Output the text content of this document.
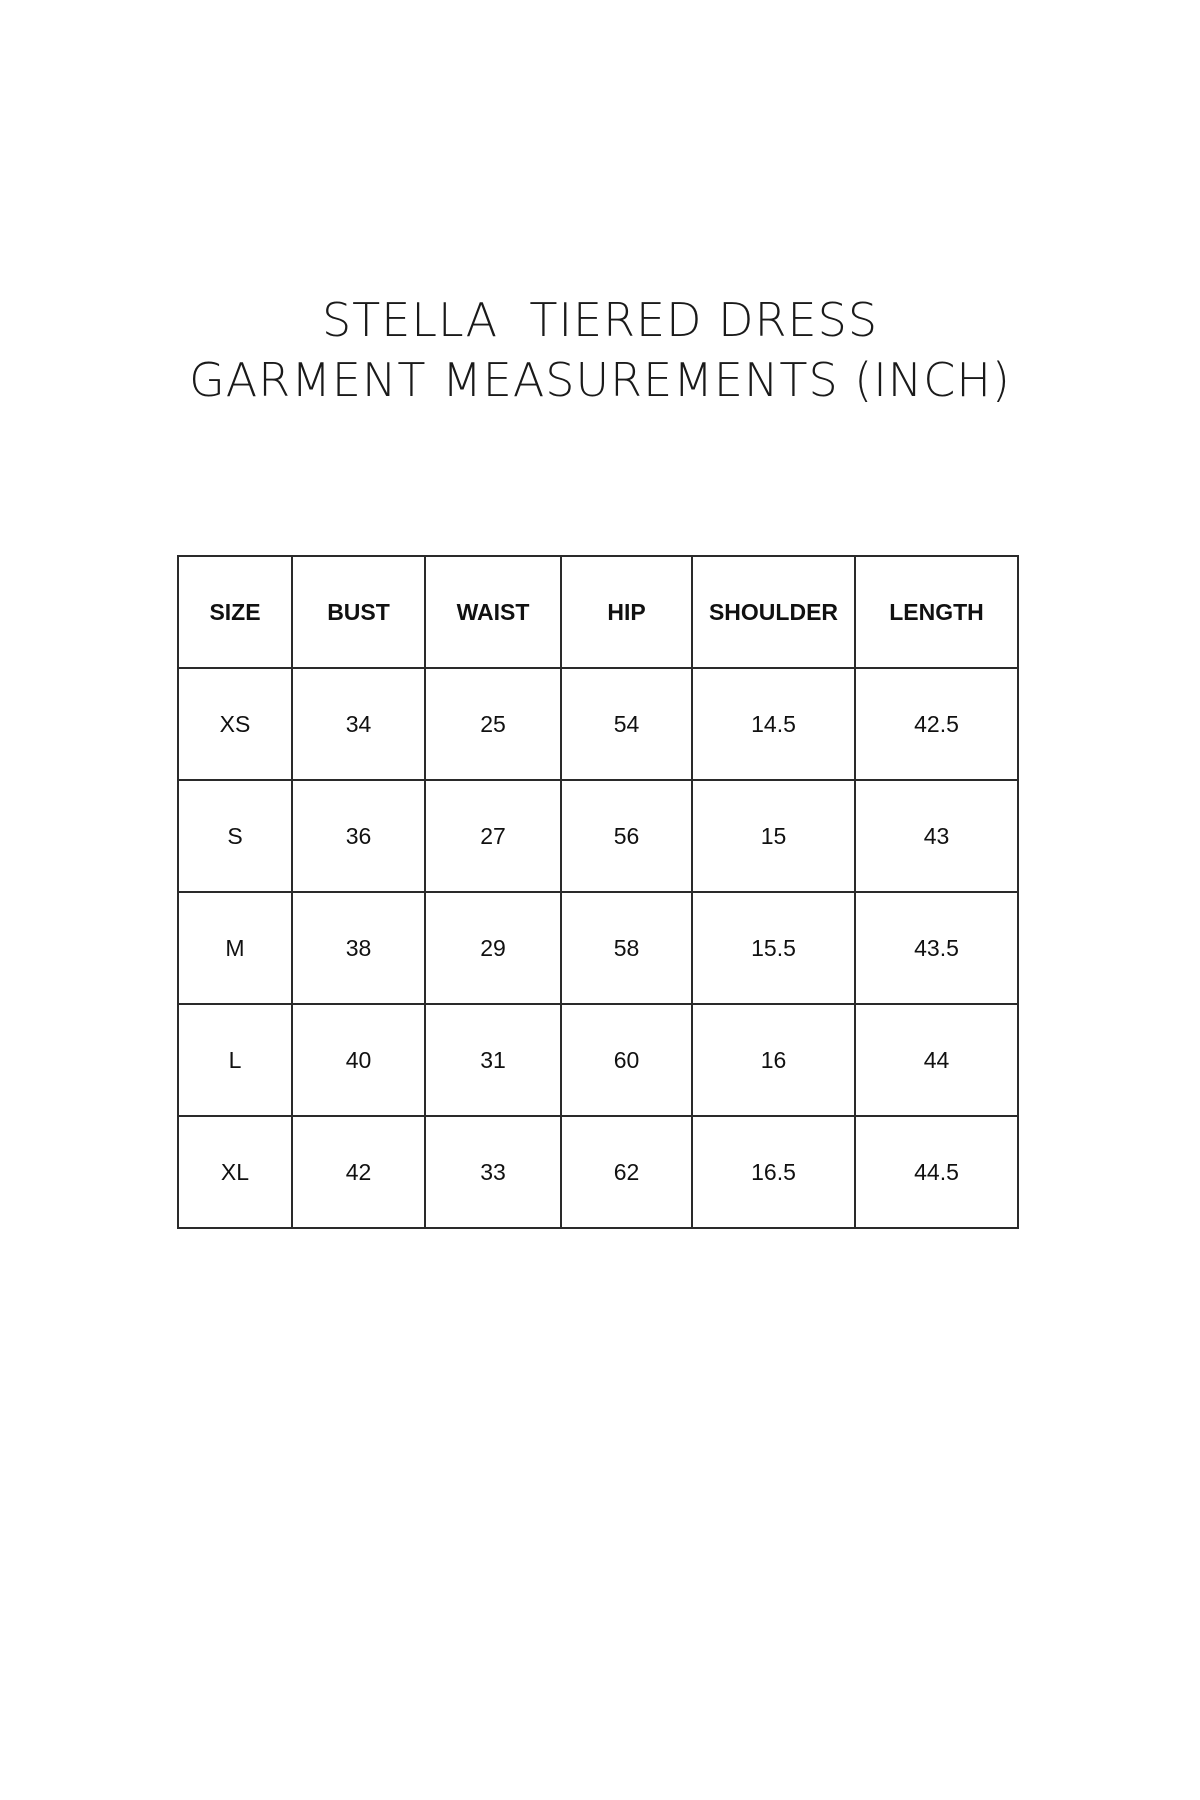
STELLA  TIERED DRESS
GARMENT MEASUREMENTS (INCH)
SIZE	BUST	WAIST	HIP	SHOULDER	LENGTH
XS	34	25	54	14.5	42.5
S	36	27	56	15	43
M	38	29	58	15.5	43.5
L	40	31	60	16	44
XL	42	33	62	16.5	44.5
